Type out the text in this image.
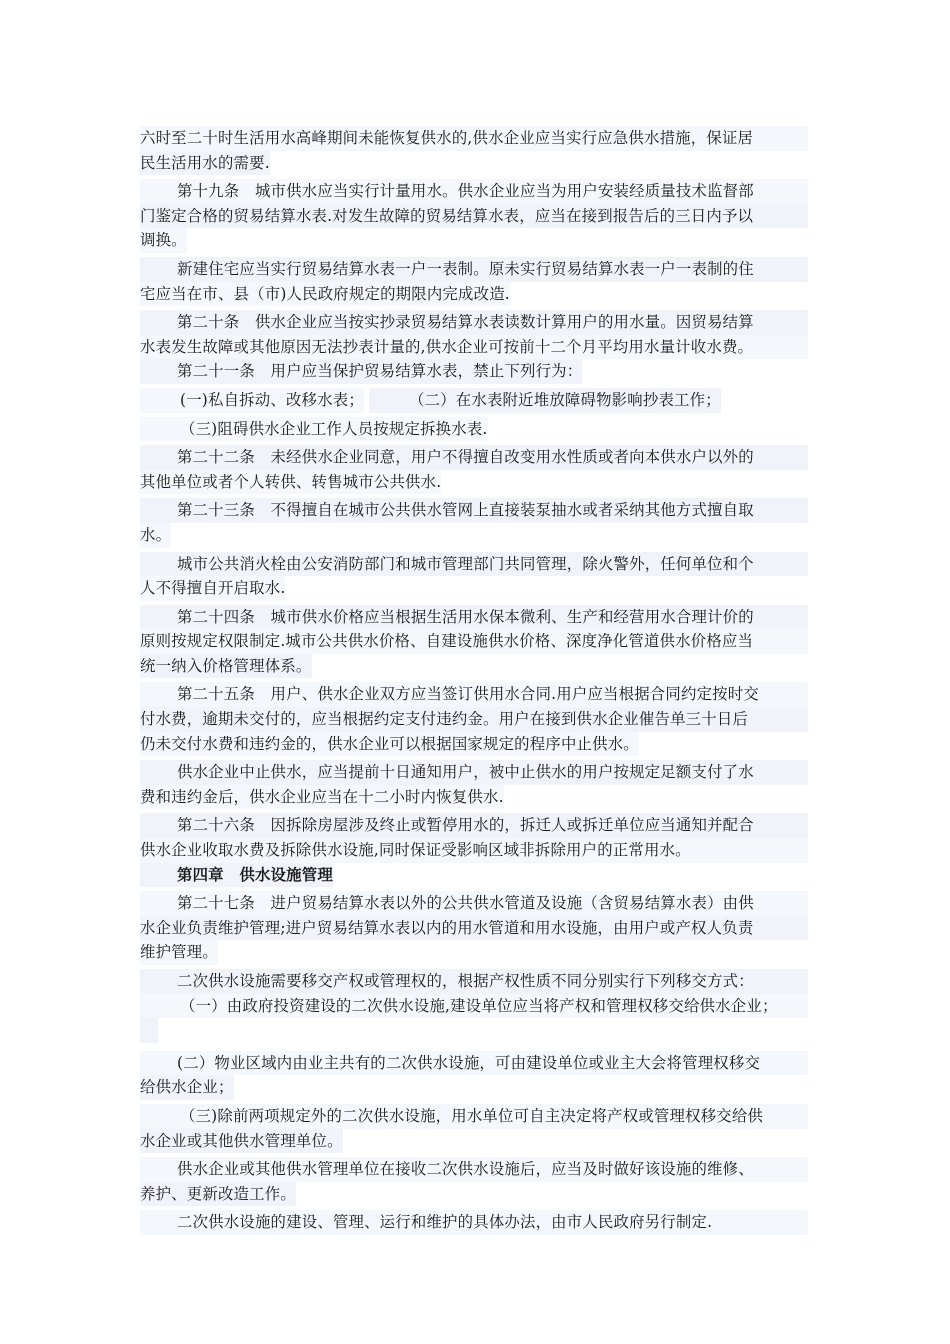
六时至二十时生活用水高峰期间未能恢复供水的,供水企业应当实行应急供水措施，保证居
民生活用水的需要.
第十九条　城市供水应当实行计量用水。供水企业应当为用户安装经质量技术监督部
门鉴定合格的贸易结算水表.对发生故障的贸易结算水表，应当在接到报告后的三日内予以
调换。
新建住宅应当实行贸易结算水表一户一表制。原未实行贸易结算水表一户一表制的住
宅应当在市、县（市)人民政府规定的期限内完成改造.
第二十条　供水企业应当按实抄录贸易结算水表读数计算用户的用水量。因贸易结算
水表发生故障或其他原因无法抄表计量的,供水企业可按前十二个月平均用水量计收水费。
第二十一条　用户应当保护贸易结算水表，禁止下列行为： (一)私自拆动、改移水表；	（二）在水表附近堆放障碍物影响抄表工作； （三)阻碍供水企业工作人员按规定拆换水表.
第二十二条　未经供水企业同意，用户不得擅自改变用水性质或者向本供水户以外的
其他单位或者个人转供、转售城市公共供水.
第二十三条　不得擅自在城市公共供水管网上直接装泵抽水或者采纳其他方式擅自取
水。
城市公共消火栓由公安消防部门和城市管理部门共同管理，除火警外，任何单位和个
人不得擅自开启取水.
第二十四条　城市供水价格应当根据生活用水保本微利、生产和经营用水合理计价的
原则按规定权限制定.城市公共供水价格、自建设施供水价格、深度净化管道供水价格应当
统一纳入价格管理体系。
第二十五条　用户、供水企业双方应当签订供用水合同.用户应当根据合同约定按时交
付水费，逾期未交付的，应当根据约定支付违约金。用户在接到供水企业催告单三十日后
仍未交付水费和违约金的，供水企业可以根据国家规定的程序中止供水。
供水企业中止供水，应当提前十日通知用户，被中止供水的用户按规定足额支付了水
费和违约金后，供水企业应当在十二小时内恢复供水.
第二十六条　因拆除房屋涉及终止或暂停用水的，拆迁人或拆迁单位应当通知并配合
供水企业收取水费及拆除供水设施,同时保证受影响区域非拆除用户的正常用水。
第四章　供水设施管理
第二十七条　进户贸易结算水表以外的公共供水管道及设施（含贸易结算水表）由供
水企业负责维护管理;进户贸易结算水表以内的用水管道和用水设施，由用户或产权人负责
维护管理。
二次供水设施需要移交产权或管理权的，根据产权性质不同分别实行下列移交方式：
（一）由政府投资建设的二次供水设施,建设单位应当将产权和管理权移交给供水企业；
(二）物业区域内由业主共有的二次供水设施，可由建设单位或业主大会将管理权移交
给供水企业；
（三)除前两项规定外的二次供水设施，用水单位可自主决定将产权或管理权移交给供
水企业或其他供水管理单位。
供水企业或其他供水管理单位在接收二次供水设施后，应当及时做好该设施的维修、
养护、更新改造工作。
二次供水设施的建设、管理、运行和维护的具体办法，由市人民政府另行制定.
